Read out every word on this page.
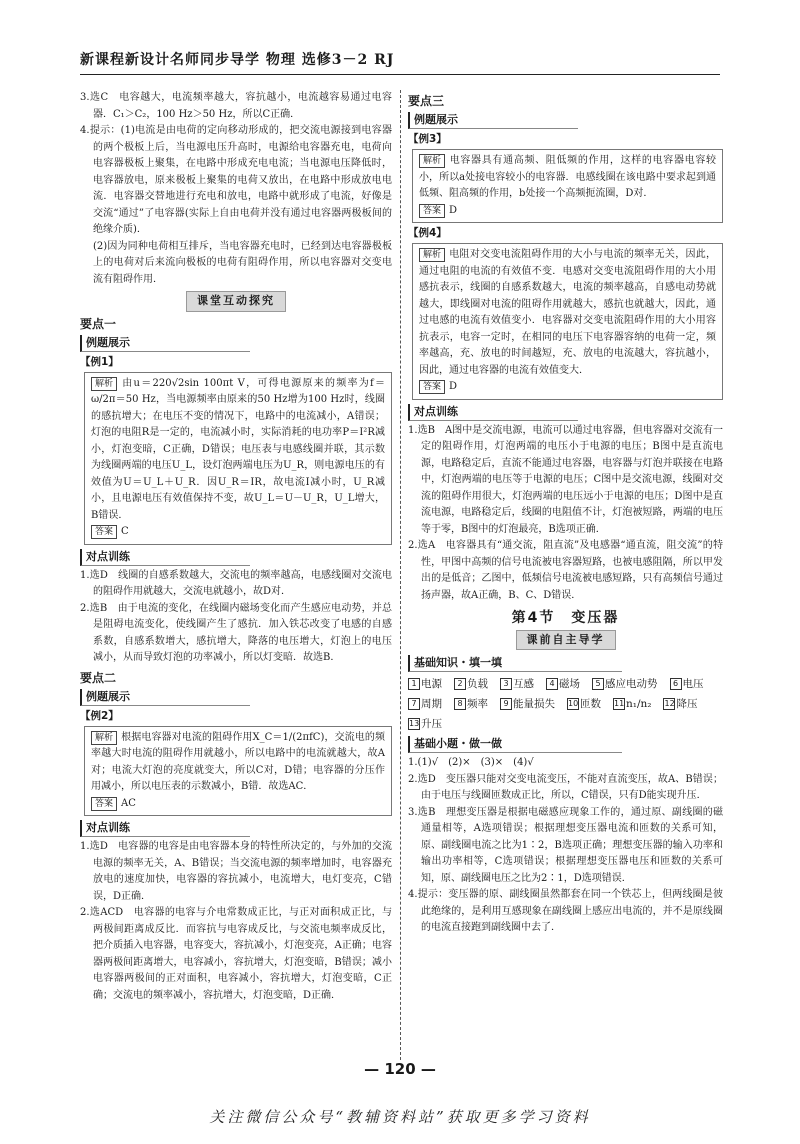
新课程新设计名师同步导学 物理 选修3－2 RJ

3.选C　电容越大，电流频率越大，容抗越小，电流越容易通过电容器．C₁＞C₂，100 Hz＞50 Hz，所以C正确．

4.提示：(1)电流是由电荷的定向移动形成的，把交流电源接到电容器的两个极板上后，当电源电压升高时，电源给电容器充电，电荷向电容器极板上聚集，在电路中形成充电电流；当电源电压降低时，电容器放电，原来极板上聚集的电荷又放出，在电路中形成放电电流．电容器交替地进行充电和放电，电路中就形成了电流，好像是交流“通过”了电容器(实际上自由电荷并没有通过电容器两极板间的绝缘介质)．

(2)因为同种电荷相互排斥，当电容器充电时，已经到达电容器极板上的电荷对后来流向极板的电荷有阻碍作用，所以电容器对交变电流有阻碍作用．

课堂互动探究
要点一
例题展示
【例1】

解析 由u＝220√2sin 100πt V，可得电源原来的频率为f＝ω/2π＝50 Hz，当电源频率由原来的50 Hz增为100 Hz时，线圈的感抗增大；在电压不变的情况下，电路中的电流减小，A错误；灯泡的电阻R是一定的，电流减小时，实际消耗的电功率P＝I²R减小，灯泡变暗，C正确，D错误；电压表与电感线圈并联，其示数为线圈两端的电压U_L，设灯泡两端电压为U_R，则电源电压的有效值为U＝U_L＋U_R．因U_R＝IR，故电流I减小时，U_R减小，且电源电压有效值保持不变，故U_L＝U－U_R，U_L增大，B错误．

答案 C

对点训练

1.选D　线圈的自感系数越大，交流电的频率越高，电感线圈对交流电的阻碍作用就越大，交流电就越小，故D对．

2.选B　由于电流的变化，在线圈内磁场变化而产生感应电动势，并总是阻碍电流变化，使线圈产生了感抗．加入铁芯改变了电感的自感系数，自感系数增大，感抗增大，降落的电压增大，灯泡上的电压减小，从而导致灯泡的功率减小，所以灯变暗．故选B．

要点二
例题展示
【例2】

解析 根据电容器对电流的阻碍作用X_C＝1/(2πfC)，交流电的频率越大时电流的阻碍作用就越小，所以电路中的电流就越大，故A对；电流大灯泡的亮度就变大，所以C对，D错；电容器的分压作用减小，所以电压表的示数减小，B错．故选AC．

答案 AC

对点训练

1.选D　电容器的电容是由电容器本身的特性所决定的，与外加的交流电源的频率无关，A、B错误；当交流电源的频率增加时，电容器充放电的速度加快，电容器的容抗减小，电流增大，电灯变亮，C错误，D正确．

2.选ACD　电容器的电容与介电常数成正比，与正对面积成正比，与两极间距离成反比．而容抗与电容成反比，与交流电频率成反比，把介质插入电容器，电容变大，容抗减小，灯泡变亮，A正确；电容器两极间距离增大，电容减小，容抗增大，灯泡变暗，B错误；减小电容器两极间的正对面积，电容减小，容抗增大，灯泡变暗，C正确；交流电的频率减小，容抗增大，灯泡变暗，D正确．

要点三
例题展示
【例3】

解析 电容器具有通高频、阻低频的作用，这样的电容器电容较小，所以a处接电容较小的电容器．电感线圈在该电路中要求起到通低频、阻高频的作用，b处接一个高频扼流圈，D对．

答案 D

【例4】

解析 电阻对交变电流阻碍作用的大小与电流的频率无关，因此，通过电阻的电流的有效值不变．电感对交变电流阻碍作用的大小用感抗表示，线圈的自感系数越大，电流的频率越高，自感电动势就越大，即线圈对电流的阻碍作用就越大，感抗也就越大，因此，通过电感的电流有效值变小．电容器对交变电流阻碍作用的大小用容抗表示，电容一定时，在相同的电压下电容器容纳的电荷一定，频率越高，充、放电的时间越短，充、放电的电流越大，容抗越小，因此，通过电容器的电流有效值变大．

答案 D

对点训练

1.选B　A图中是交流电源，电流可以通过电容器，但电容器对交流有一定的阻碍作用，灯泡两端的电压小于电源的电压；B图中是直流电源，电路稳定后，直流不能通过电容器，电容器与灯泡并联接在电路中，灯泡两端的电压等于电源的电压；C图中是交流电源，线圈对交流的阻碍作用很大，灯泡两端的电压远小于电源的电压；D图中是直流电源，电路稳定后，线圈的电阻值不计，灯泡被短路，两端的电压等于零，B图中的灯泡最亮，B选项正确．

2.选A　电容器具有“通交流，阻直流”及电感器“通直流，阻交流”的特性，甲图中高频的信号电流被电容器短路，也被电感阻隔，所以甲发出的是低音；乙图中，低频信号电流被电感短路，只有高频信号通过扬声器，故A正确，B、C、D错误．

第4节　变压器
课前自主导学
基础知识・填一填
1 电源 2 负载 3 互感 4 磁场 5 感应电动势 6 电压7 周期 8 频率 9 能量损失 10 匝数 11 n₁/n₂ 12 降压13 升压
基础小题・做一做

1.(1)√　(2)×　(3)×　(4)√

2.选D　变压器只能对交变电流变压，不能对直流变压，故A、B错误；由于电压与线圈匝数成正比，所以，C错误，只有D能实现升压．

3.选B　理想变压器是根据电磁感应现象工作的，通过原、副线圈的磁通量相等，A选项错误；根据理想变压器电流和匝数的关系可知，原、副线圈电流之比为1∶2，B选项正确；理想变压器的输入功率和输出功率相等，C选项错误；根据理想变压器电压和匝数的关系可知，原、副线圈电压之比为2∶1，D选项错误．

4.提示：变压器的原、副线圈虽然都套在同一个铁芯上，但两线圈是彼此绝缘的，是利用互感现象在副线圈上感应出电流的，并不是原线圈的电流直接跑到副线圈中去了．

— 120 —
关注微信公众号“教辅资料站”获取更多学习资料
